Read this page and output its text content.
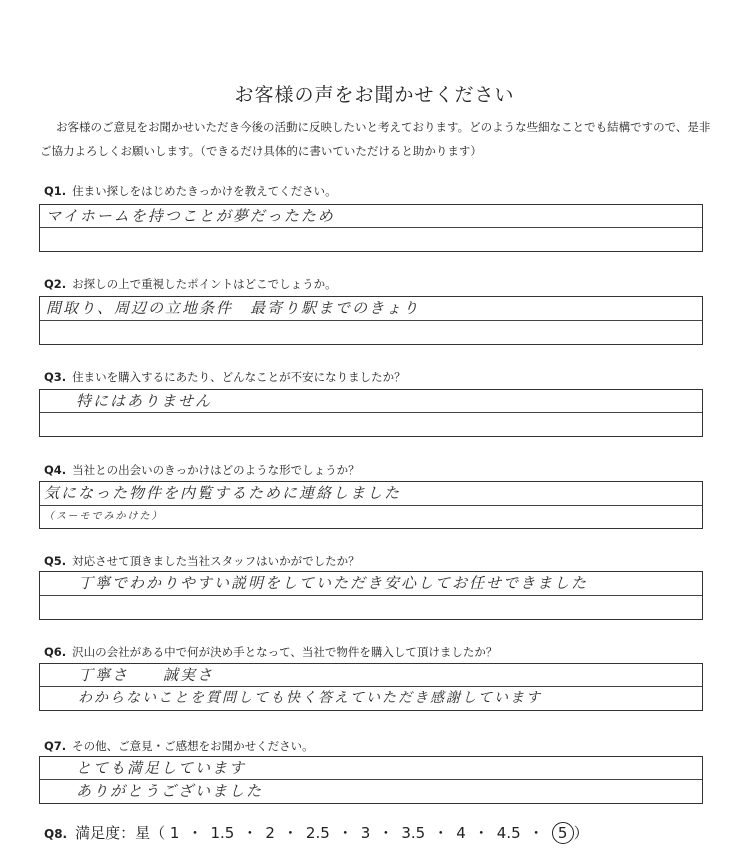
お客様の声をお聞かせください
お客様のご意見をお聞かせいただき今後の活動に反映したいと考えております。どのような些細なことでも結構ですので、是非ご協力よろしくお願いします。（できるだけ具体的に書いていただけると助かります）
Q1. 住まい探しをはじめたきっかけを教えてください。
マイホームを持つことが夢だったため
Q2. お探しの上で重視したポイントはどこでしょうか。
間取り、周辺の立地条件　最寄り駅までのきょり
Q3. 住まいを購入するにあたり、どんなことが不安になりましたか？
特にはありません
Q4. 当社との出会いのきっかけはどのような形でしょうか？
気になった物件を内覧するために連絡しました
（スーモでみかけた）
Q5. 対応させて頂きました当社スタッフはいかがでしたか？
丁寧でわかりやすい説明をしていただき安心してお任せできました
Q6. 沢山の会社がある中で何が決め手となって、当社で物件を購入して頂けましたか？
丁寧さ　　誠実さ
わからないことを質問しても快く答えていただき感謝しています
Q7. その他、ご意見・ご感想をお聞かせください。
とても満足しています
ありがとうございました
Q8. 満足度：星（ 1 ・ 1.5 ・ 2 ・ 2.5 ・ 3 ・ 3.5 ・ 4 ・ 4.5 ・ 5 ）
